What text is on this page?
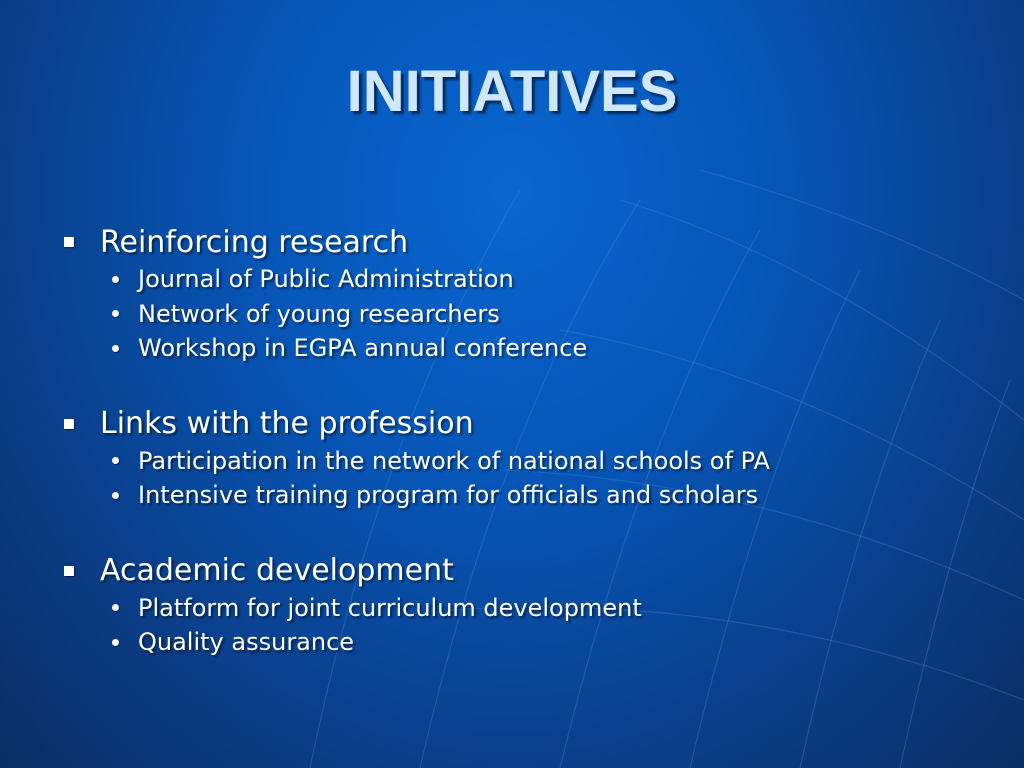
INITIATIVES
Reinforcing research
Journal of Public Administration
Network of young researchers
Workshop in EGPA annual conference
Links with the profession
Participation in the network of national schools of PA
Intensive training program for officials and scholars
Academic development
Platform for joint curriculum development
Quality assurance
